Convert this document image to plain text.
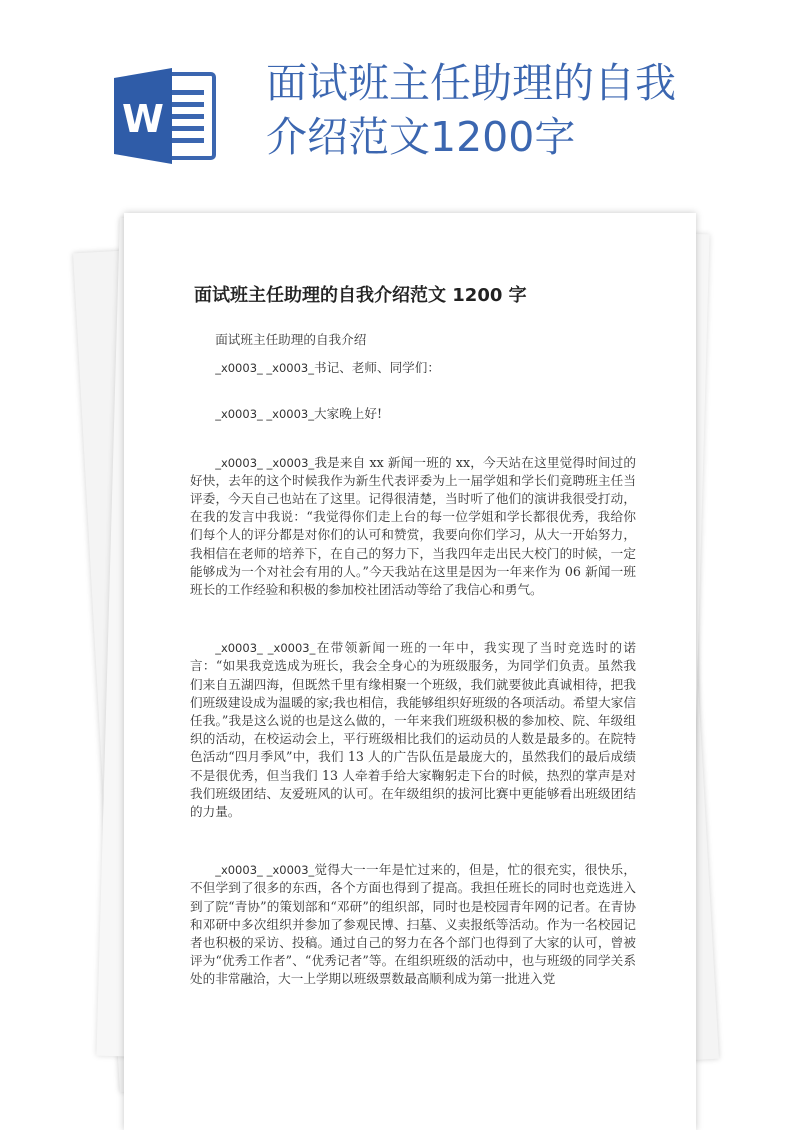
W
面试班主任助理的自我
介绍范文1200字
面试班主任助理的自我介绍范文 1200 字

面试班主任助理的自我介绍

_x0003_ _x0003_书记、老师、同学们：

_x0003_ _x0003_大家晚上好!

_x0003_ _x0003_我是来自 xx 新闻一班的 xx，今天站在这里觉得时间过的好快，去年的这个时候我作为新生代表评委为上一届学姐和学长们竟聘班主任当评委，今天自己也站在了这里。记得很清楚，当时听了他们的演讲我很受打动，在我的发言中我说：“我觉得你们走上台的每一位学姐和学长都很优秀，我给你们每个人的评分都是对你们的认可和赞赏，我要向你们学习，从大一开始努力，我相信在老师的培养下，在自己的努力下，当我四年走出民大校门的时候，一定能够成为一个对社会有用的人。”今天我站在这里是因为一年来作为 06 新闻一班班长的工作经验和积极的参加校社团活动等给了我信心和勇气。

_x0003_ _x0003_在带领新闻一班的一年中，我实现了当时竞选时的诺言：“如果我竞选成为班长，我会全身心的为班级服务，为同学们负责。虽然我们来自五湖四海，但既然千里有缘相聚一个班级，我们就要彼此真诚相待，把我们班级建设成为温暖的家;我也相信，我能够组织好班级的各项活动。希望大家信任我。”我是这么说的也是这么做的，一年来我们班级积极的参加校、院、年级组织的活动，在校运动会上，平行班级相比我们的运动员的人数是最多的。在院特色活动“四月季风”中，我们 13 人的广告队伍是最庞大的，虽然我们的最后成绩不是很优秀，但当我们 13 人牵着手给大家鞠躬走下台的时候，热烈的掌声是对我们班级团结、友爱班风的认可。在年级组织的拔河比赛中更能够看出班级团结的力量。

_x0003_ _x0003_觉得大一一年是忙过来的，但是，忙的很充实，很快乐，不但学到了很多的东西，各个方面也得到了提高。我担任班长的同时也竞选进入到了院“青协”的策划部和“邓研”的组织部，同时也是校园青年网的记者。在青协和邓研中多次组织并参加了参观民博、扫墓、义卖报纸等活动。作为一名校园记者也积极的采访、投稿。通过自己的努力在各个部门也得到了大家的认可，曾被评为“优秀工作者”、“优秀记者”等。在组织班级的活动中，也与班级的同学关系处的非常融洽，大一上学期以班级票数最高顺利成为第一批进入党
